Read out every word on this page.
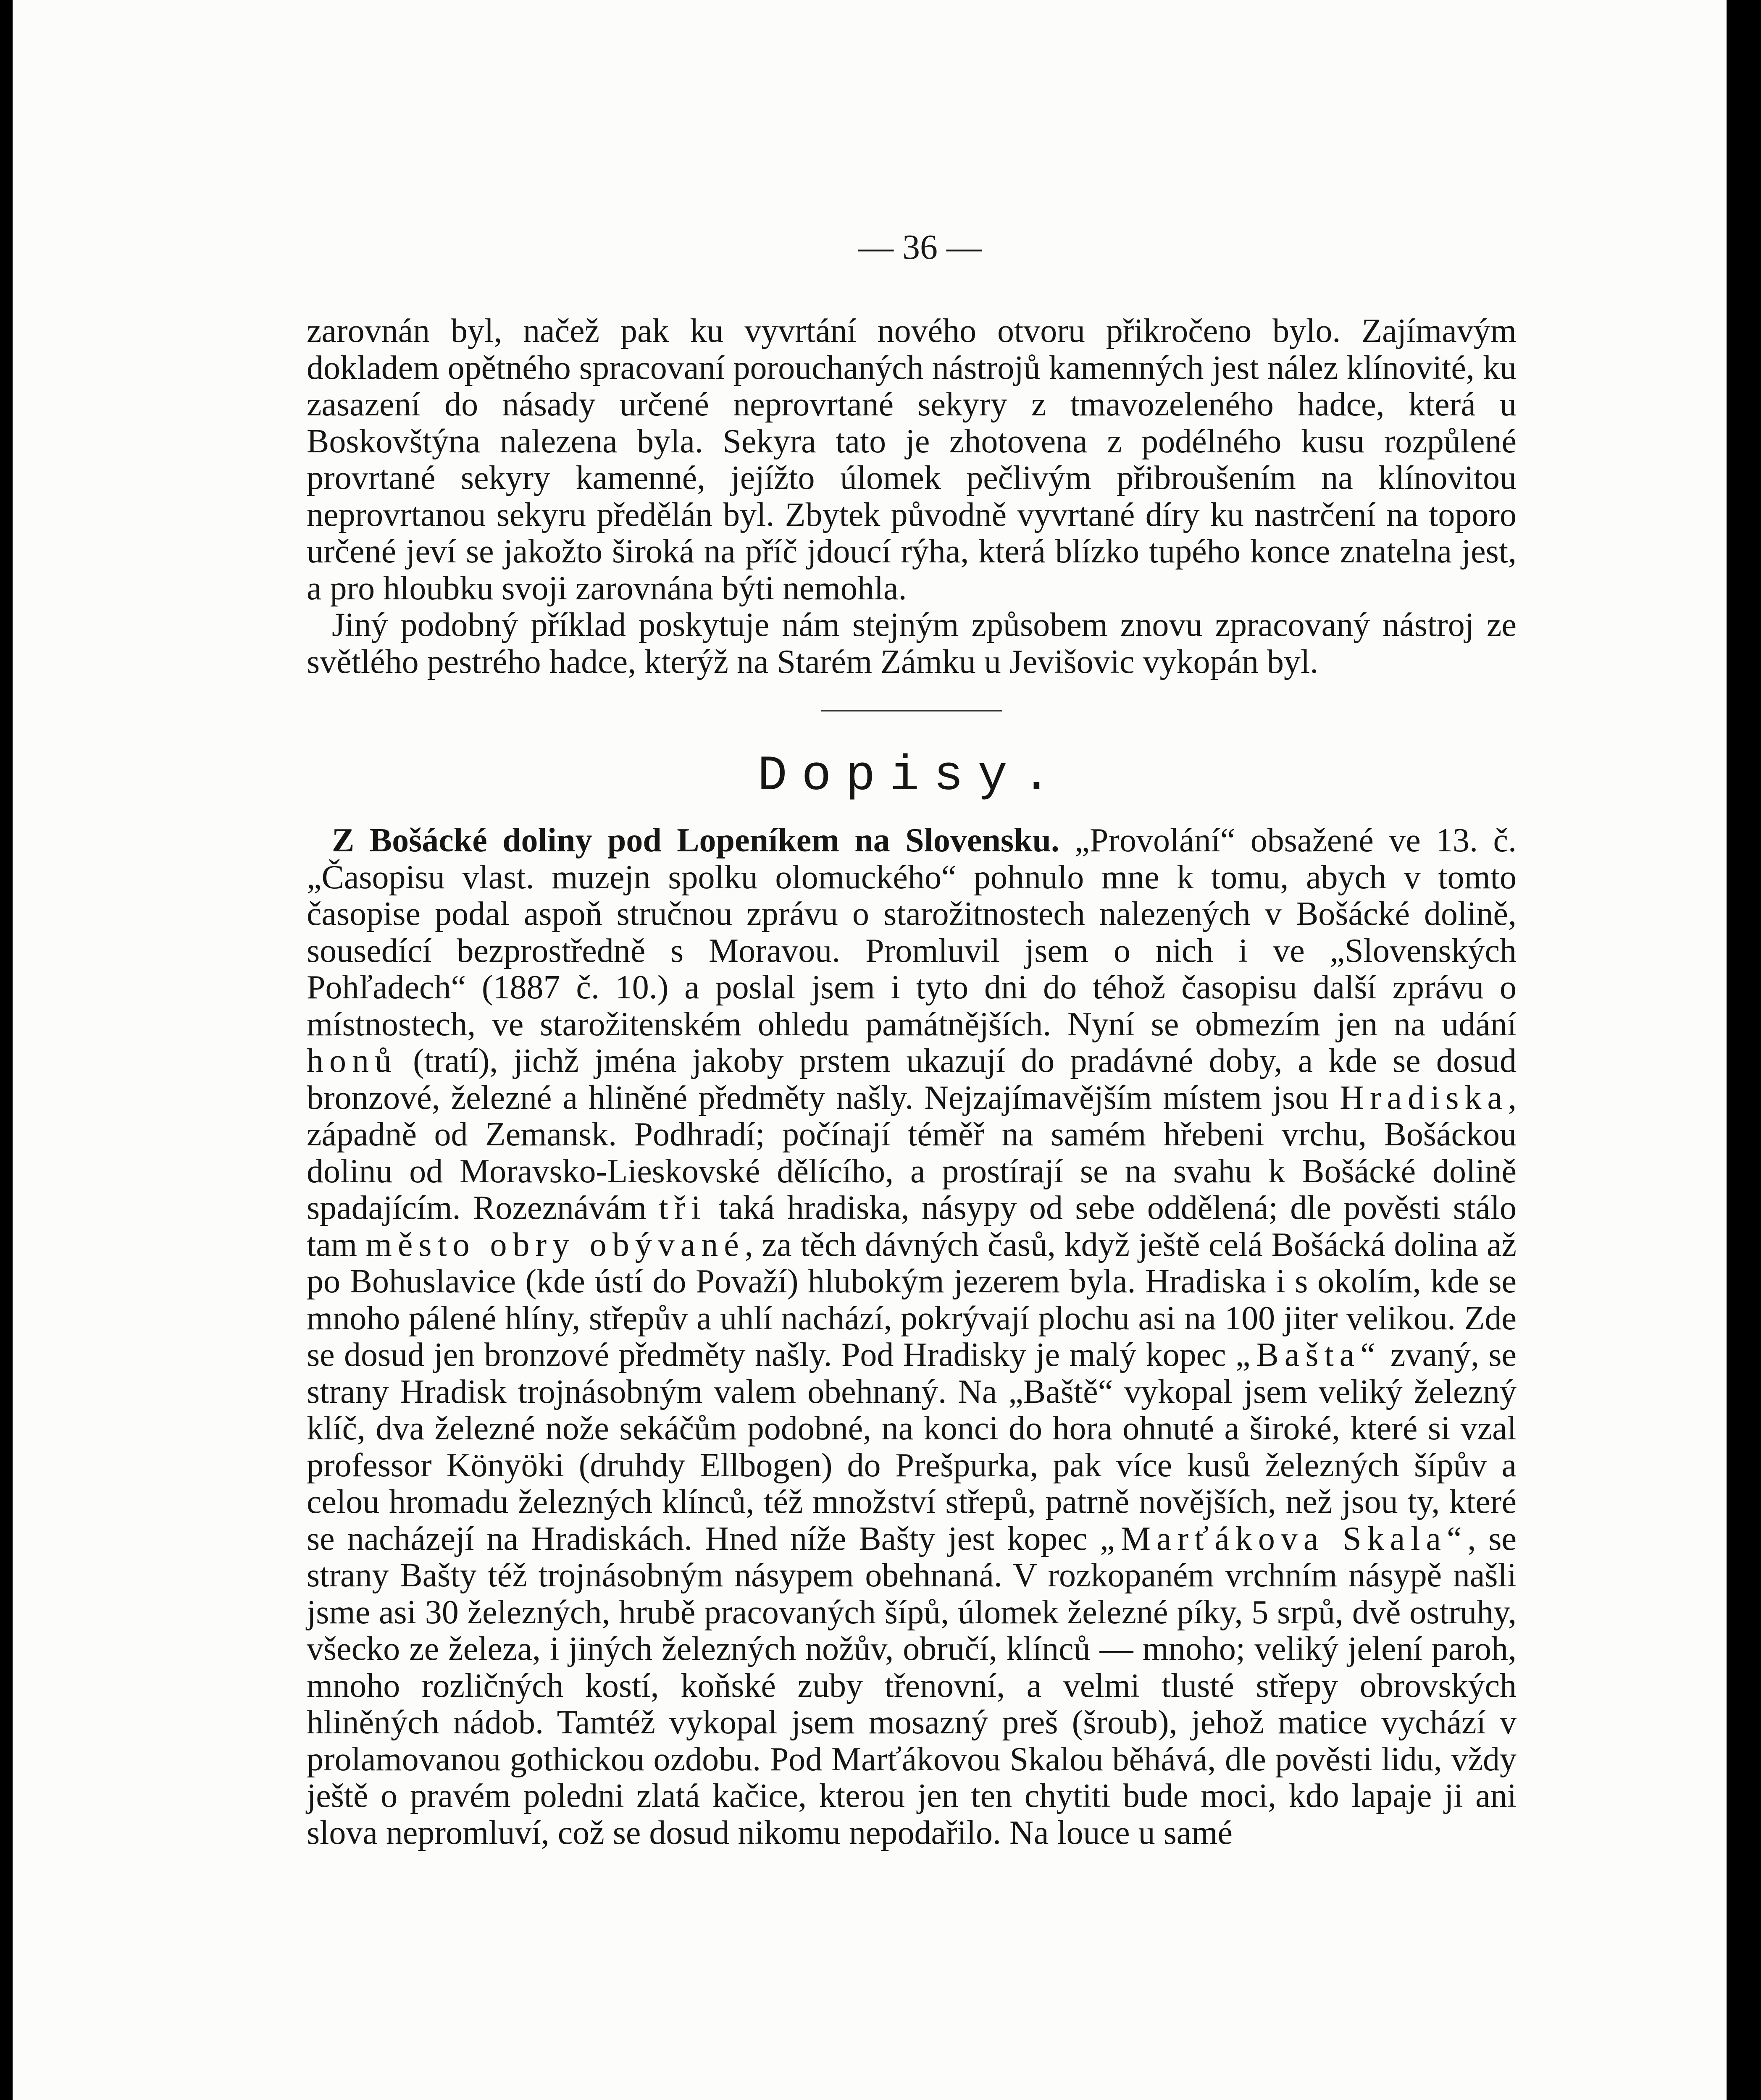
— 36 —

zarovnán byl, načež pak ku vyvrtání nového otvoru přikročeno bylo. Zajímavým dokladem opětného spracovaní porouchaných nástrojů kamenných jest nález klínovité, ku zasazení do násady určené neprovrtané sekyry z tmavozeleného hadce, která u Boskovštýna nalezena byla. Sekyra tato je zhotovena z podélného kusu rozpůlené provrtané sekyry kamenné, jejížto úlomek pečlivým přibroušením na klínovitou neprovrtanou sekyru předělán byl. Zbytek původně vyvrtané díry ku nastrčení na toporo určené jeví se jakožto široká na příč jdoucí rýha, která blízko tupého konce znatelna jest, a pro hloubku svoji zarovnána býti nemohla.

Jiný podobný příklad poskytuje nám stejným způsobem znovu zpracovaný nástroj ze světlého pestrého hadce, kterýž na Starém Zámku u Jevišovic vykopán byl.

Dopisy.

Z Bošácké doliny pod Lopeníkem na Slovensku. „Provolání“ obsažené ve 13. č. „Časopisu vlast. muzejn spolku olomuckého“ pohnulo mne k tomu, abych v tomto časopise podal aspoň stručnou zprávu o starožitnostech nalezených v Bošácké dolině, sousedící bezprostředně s Moravou. Promluvil jsem o nich i ve „Slovenských Pohľadech“ (1887 č. 10.) a poslal jsem i tyto dni do téhož časopisu další zprávu o místnostech, ve starožitenském ohledu památnějších. Nyní se obmezím jen na udání honů (tratí), jichž jména jakoby prstem ukazují do pradávné doby, a kde se dosud bronzové, železné a hliněné předměty našly. Nejzajímavějším místem jsou Hradiska, západně od Zemansk. Podhradí; počínají téměř na samém hřebeni vrchu, Bošáckou dolinu od Moravsko-Lieskovské dělícího, a prostírají se na svahu k Bošácké dolině spadajícím. Rozeznávám tři taká hradiska, násypy od sebe oddělená; dle pověsti stálo tam město obry obývané, za těch dávných časů, když ještě celá Bošácká dolina až po Bohuslavice (kde ústí do Považí) hlubokým jezerem byla. Hradiska i s okolím, kde se mnoho pálené hlíny, střepův a uhlí nachází, pokrývají plochu asi na 100 jiter velikou. Zde se dosud jen bronzové předměty našly. Pod Hradisky je malý kopec „Bašta“ zvaný, se strany Hradisk trojnásobným valem obehnaný. Na „Baště“ vykopal jsem veliký železný klíč, dva železné nože sekáčům podobné, na konci do hora ohnuté a široké, které si vzal professor Könyöki (druhdy Ellbogen) do Prešpurka, pak více kusů železných šípův a celou hromadu železných klínců, též množství střepů, patrně novějších, než jsou ty, které se nacházejí na Hradiskách. Hned níže Bašty jest kopec „Marťákova Skala“, se strany Bašty též trojnásobným násypem obehnaná. V rozkopaném vrchním násypě našli jsme asi 30 železných, hrubě pracovaných šípů, úlomek železné píky, 5 srpů, dvě ostruhy, všecko ze železa, i jiných železných nožův, obručí, klínců — mnoho; veliký jelení paroh, mnoho rozličných kostí, koňské zuby třenovní, a velmi tlusté střepy obrovských hliněných nádob. Tamtéž vykopal jsem mosazný preš (šroub), jehož matice vychází v prolamovanou gothickou ozdobu. Pod Marťákovou Skalou běhává, dle pověsti lidu, vždy ještě o pravém poledni zlatá kačice, kterou jen ten chytiti bude moci, kdo lapaje ji ani slova nepromluví, což se dosud nikomu nepodařilo. Na louce u samé
